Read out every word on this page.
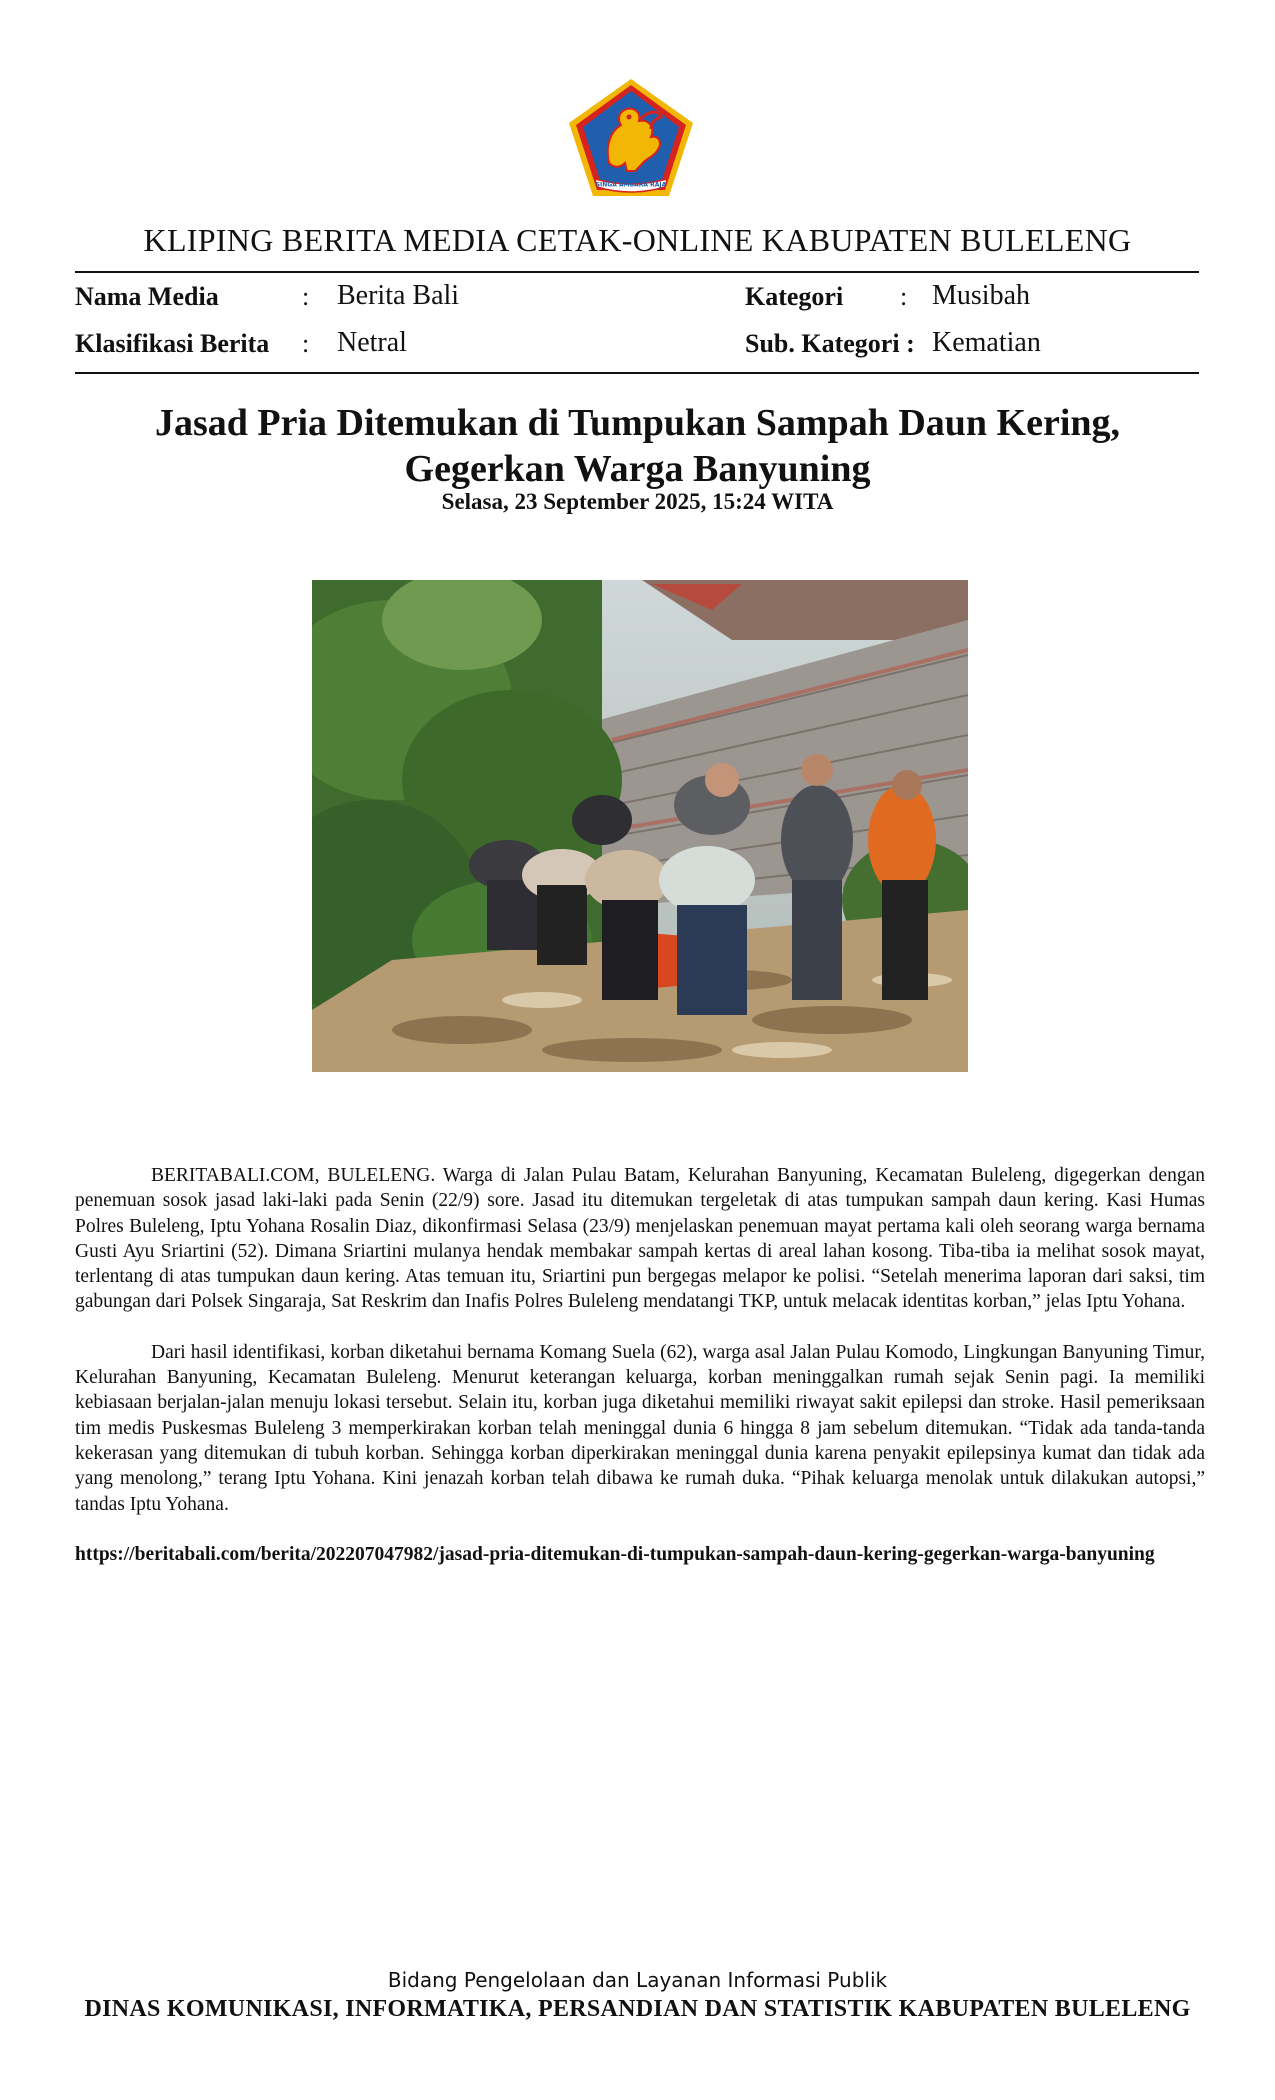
SINGA AMBARA RAJA
KLIPING BERITA MEDIA CETAK-ONLINE KABUPATEN BULELENG
Nama Media	: Berita Bali	Kategori : Musibah
Klasifikasi Berita : Netral	Sub. Kategori : Kematian
Jasad Pria Ditemukan di Tumpukan Sampah Daun Kering,
Gegerkan Warga Banyuning
Selasa, 23 September 2025, 15:24 WITA

BERITABALI.COM, BULELENG. Warga di Jalan Pulau Batam, Kelurahan Banyuning, Kecamatan Buleleng, digegerkan dengan penemuan sosok jasad laki-laki pada Senin (22/9) sore. Jasad itu ditemukan tergeletak di atas tumpukan sampah daun kering. Kasi Humas Polres Buleleng, Iptu Yohana Rosalin Diaz, dikonfirmasi Selasa (23/9) menjelaskan penemuan mayat pertama kali oleh seorang warga bernama Gusti Ayu Sriartini (52). Dimana Sriartini mulanya hendak membakar sampah kertas di areal lahan kosong. Tiba-tiba ia melihat sosok mayat, terlentang di atas tumpukan daun kering. Atas temuan itu, Sriartini pun bergegas melapor ke polisi. “Setelah menerima laporan dari saksi, tim gabungan dari Polsek Singaraja, Sat Reskrim dan Inafis Polres Buleleng mendatangi TKP, untuk melacak identitas korban,” jelas Iptu Yohana.

Dari hasil identifikasi, korban diketahui bernama Komang Suela (62), warga asal Jalan Pulau Komodo, Lingkungan Banyuning Timur, Kelurahan Banyuning, Kecamatan Buleleng. Menurut keterangan keluarga, korban meninggalkan rumah sejak Senin pagi. Ia memiliki kebiasaan berjalan-jalan menuju lokasi tersebut. Selain itu, korban juga diketahui memiliki riwayat sakit epilepsi dan stroke. Hasil pemeriksaan tim medis Puskesmas Buleleng 3 memperkirakan korban telah meninggal dunia 6 hingga 8 jam sebelum ditemukan. “Tidak ada tanda-tanda kekerasan yang ditemukan di tubuh korban. Sehingga korban diperkirakan meninggal dunia karena penyakit epilepsinya kumat dan tidak ada yang menolong,” terang Iptu Yohana. Kini jenazah korban telah dibawa ke rumah duka. “Pihak keluarga menolak untuk dilakukan autopsi,” tandas Iptu Yohana.

https://beritabali.com/berita/202207047982/jasad-pria-ditemukan-di-tumpukan-sampah-daun-kering-gegerkan-warga-banyuning

Bidang Pengelolaan dan Layanan Informasi Publik
DINAS KOMUNIKASI, INFORMATIKA, PERSANDIAN DAN STATISTIK KABUPATEN BULELENG
